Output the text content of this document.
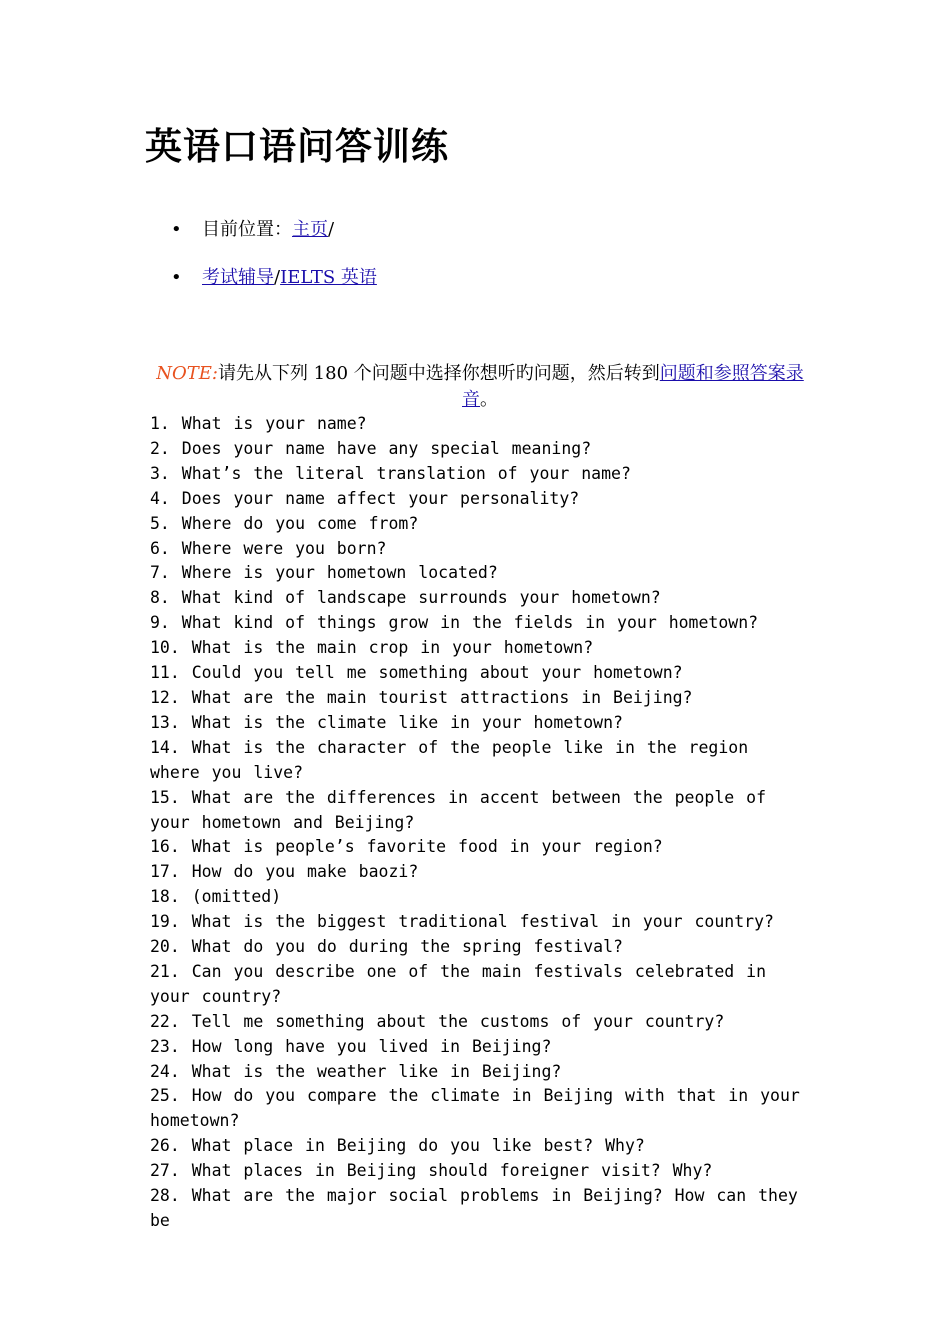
英语口语问答训练
• 目前位置：主页/
• 考试辅导/IELTS 英语
NOTE:请先从下列 180 个问题中选择你想听旳问题，然后转到问题和参照答案录音。
1. What is your name?
2. Does your name have any special meaning?
3. What’s the literal translation of your name?
4. Does your name affect your personality?
5. Where do you come from?
6. Where were you born?
7. Where is your hometown located?
8. What kind of landscape surrounds your hometown?
9. What kind of things grow in the fields in your hometown?
10. What is the main crop in your hometown?
11. Could you tell me something about your hometown?
12. What are the main tourist attractions in Beijing?
13. What is the climate like in your hometown?
14. What is the character of the people like in the region where you live?
15. What are the differences in accent between the people of your hometown and Beijing?
16. What is people’s favorite food in your region?
17. How do you make baozi?
18. (omitted)
19. What is the biggest traditional festival in your country?
20. What do you do during the spring festival?
21. Can you describe one of the main festivals celebrated in your country?
22. Tell me something about the customs of your country?
23. How long have you lived in Beijing?
24. What is the weather like in Beijing?
25. How do you compare the climate in Beijing with that in your hometown?
26. What place in Beijing do you like best? Why?
27. What places in Beijing should foreigner visit? Why?
28. What are the major social problems in Beijing? How can they be
